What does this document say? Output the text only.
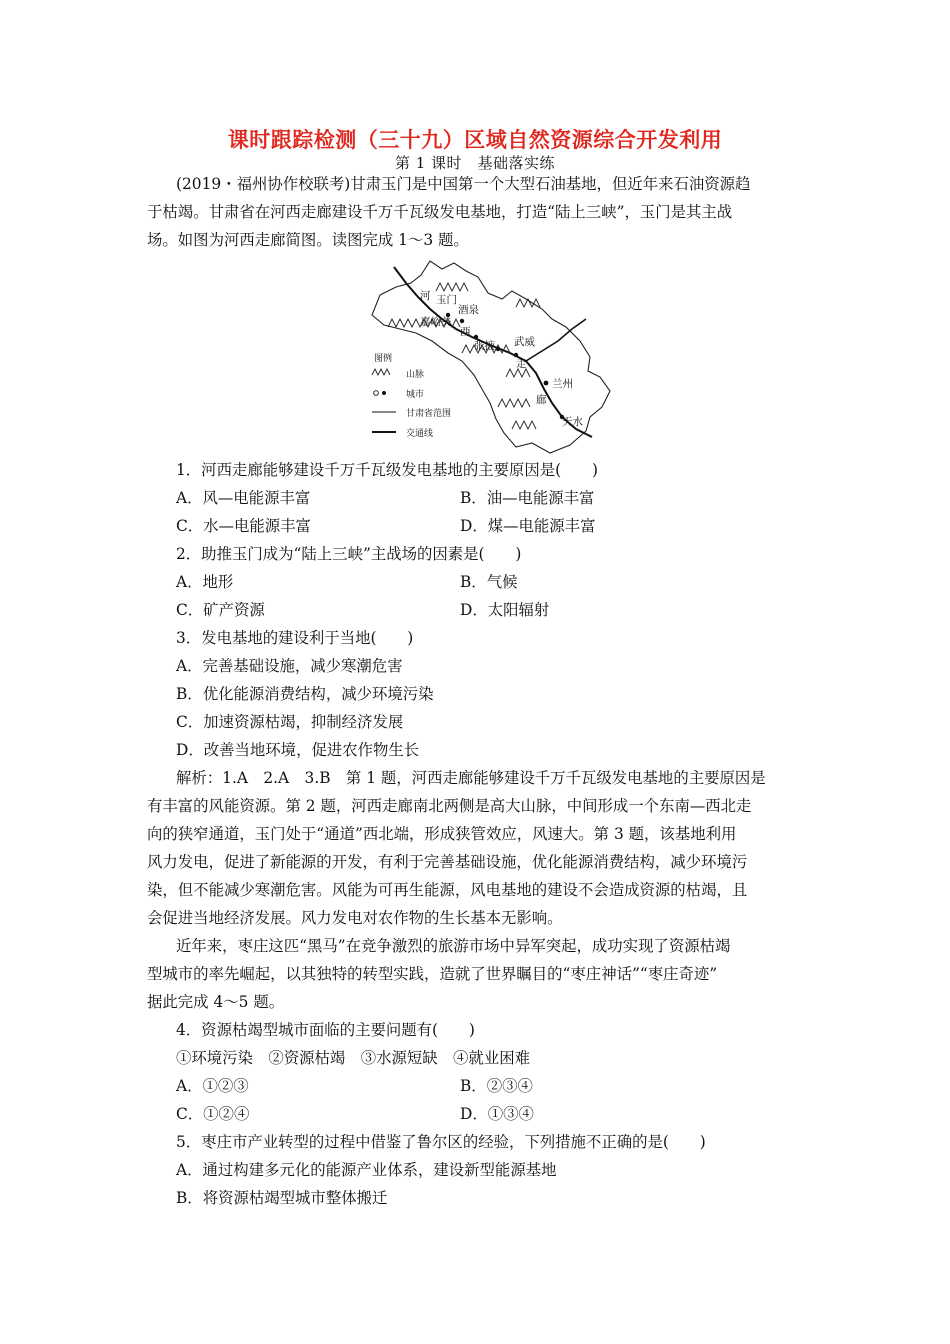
课时跟踪检测（三十九）区域自然资源综合开发利用
第 1 课时　基础落实练
(2019・福州协作校联考)甘肃玉门是中国第一个大型石油基地，但近年来石油资源趋
于枯竭。甘肃省在河西走廊建设千万千瓦级发电基地，打造“陆上三峡”，玉门是其主战
场。如图为河西走廊简图。读图完成 1～3 题。
河 玉门
酒泉
嘉峪关
西
张掖 武威
走
兰州
廊
天水
图例
山脉
城市
甘肃省范围
交通线
1．河西走廊能够建设千万千瓦级发电基地的主要原因是(　　)
A．风—电能源丰富	B．油—电能源丰富
C．水—电能源丰富	D．煤—电能源丰富
2．助推玉门成为“陆上三峡”主战场的因素是(　　)
A．地形	B．气候
C．矿产资源	D．太阳辐射
3．发电基地的建设利于当地(　　)
A．完善基础设施，减少寒潮危害
B．优化能源消费结构，减少环境污染
C．加速资源枯竭，抑制经济发展
D．改善当地环境，促进农作物生长
解析：1.A　2.A　3.B　第 1 题，河西走廊能够建设千万千瓦级发电基地的主要原因是
有丰富的风能资源。第 2 题，河西走廊南北两侧是高大山脉，中间形成一个东南—西北走
向的狭窄通道，玉门处于“通道”西北端，形成狭管效应，风速大。第 3 题，该基地利用
风力发电，促进了新能源的开发，有利于完善基础设施，优化能源消费结构，减少环境污
染，但不能减少寒潮危害。风能为可再生能源，风电基地的建设不会造成资源的枯竭，且
会促进当地经济发展。风力发电对农作物的生长基本无影响。
近年来，枣庄这匹“黑马”在竞争激烈的旅游市场中异军突起，成功实现了资源枯竭
型城市的率先崛起，以其独特的转型实践，造就了世界瞩目的“枣庄神话”“枣庄奇迹”
据此完成 4～5 题。
4．资源枯竭型城市面临的主要问题有(　　)
①环境污染　②资源枯竭　③水源短缺　④就业困难
A．①②③	B．②③④
C．①②④	D．①③④
5．枣庄市产业转型的过程中借鉴了鲁尔区的经验，下列措施不正确的是(　　)
A．通过构建多元化的能源产业体系，建设新型能源基地
B．将资源枯竭型城市整体搬迁
